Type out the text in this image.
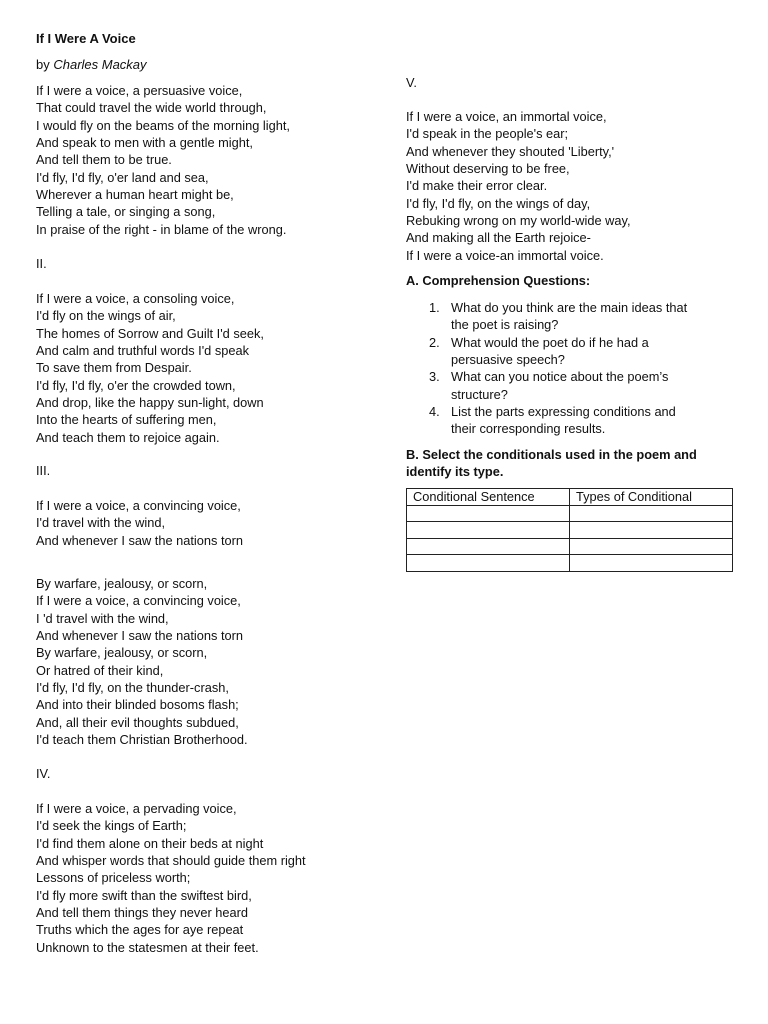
If I Were A Voice
by Charles Mackay
If I were a voice, a persuasive voice,
That could travel the wide world through,
I would fly on the beams of the morning light,
And speak to men with a gentle might,
And tell them to be true.
I'd fly, I'd fly, o'er land and sea,
Wherever a human heart might be,
Telling a tale, or singing a song,
In praise of the right - in blame of the wrong.
II.
If I were a voice, a consoling voice,
I'd fly on the wings of air,
The homes of Sorrow and Guilt I'd seek,
And calm and truthful words I'd speak
To save them from Despair.
I'd fly, I'd fly, o'er the crowded town,
And drop, like the happy sun-light, down
Into the hearts of suffering men,
And teach them to rejoice again.
III.
If I were a voice, a convincing voice,
I'd travel with the wind,
And whenever I saw the nations torn
By warfare, jealousy, or scorn,
If I were a voice, a convincing voice,
I 'd travel with the wind,
And whenever I saw the nations torn
By warfare, jealousy, or scorn,
Or hatred of their kind,
I'd fly, I'd fly, on the thunder-crash,
And into their blinded bosoms flash;
And, all their evil thoughts subdued,
I'd teach them Christian Brotherhood.
IV.
If I were a voice, a pervading voice,
I'd seek the kings of Earth;
I'd find them alone on their beds at night
And whisper words that should guide them right
Lessons of priceless worth;
I'd fly more swift than the swiftest bird,
And tell them things they never heard
Truths which the ages for aye repeat
Unknown to the statesmen at their feet.
V.
If I were a voice, an immortal voice,
I'd speak in the people's ear;
And whenever they shouted 'Liberty,'
Without deserving to be free,
I'd make their error clear.
I'd fly, I'd fly, on the wings of day,
Rebuking wrong on my world-wide way,
And making all the Earth rejoice-
If I were a voice-an immortal voice.
A. Comprehension Questions:
1. What do you think are the main ideas that
the poet is raising?
2. What would the poet do if he had a
persuasive speech?
3. What can you notice about the poem’s
structure?
4. List the parts expressing conditions and
their corresponding results.
B. Select the conditionals used in the poem and
identify its type.
Conditional Sentence	Types of Conditional
